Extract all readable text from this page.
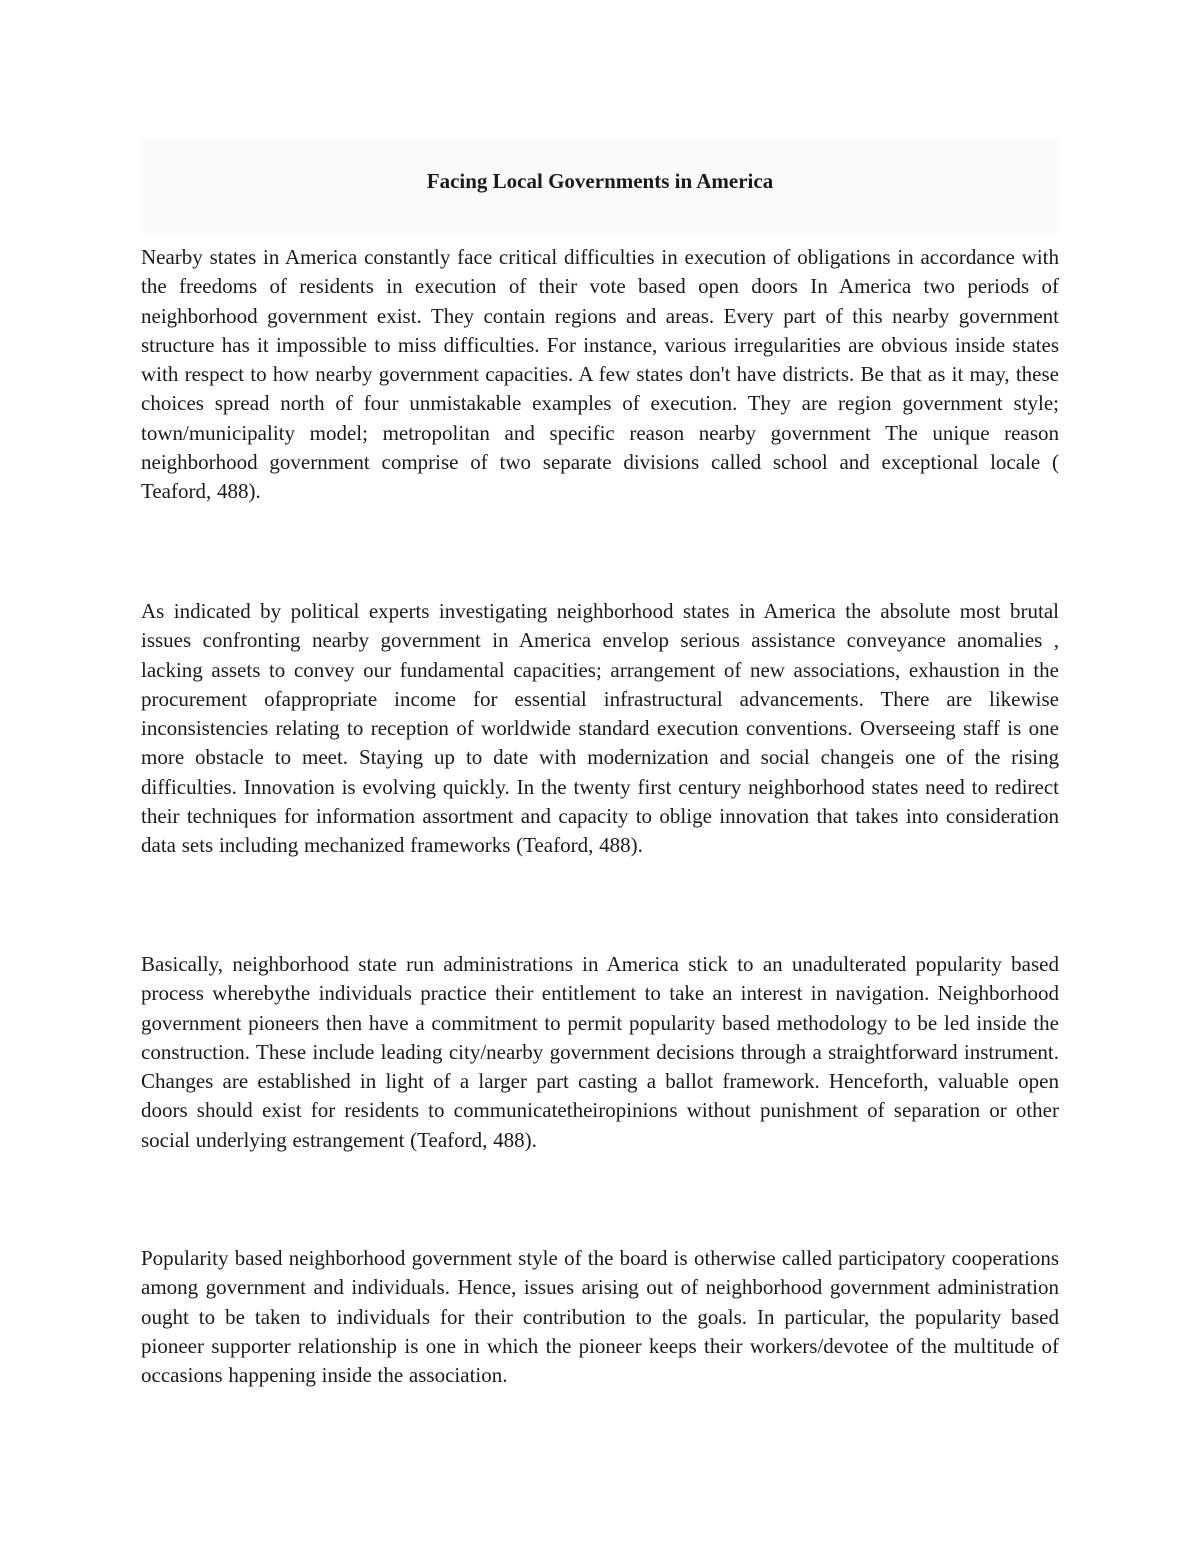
Facing Local Governments in America

Nearby states in America constantly face critical difficulties in execution of obligations in accordance with the freedoms of residents in execution of their vote based open doors In America two periods of neighborhood government exist. They contain regions and areas. Every part of this nearby government structure has it impossible to miss difficulties. For instance, various irregularities are obvious inside states with respect to how nearby government capacities. A few states don't have districts. Be that as it may, these choices spread north of four unmistakable examples of execution. They are region government style; town/municipality model; metropolitan and specific reason nearby government The unique reason neighborhood government comprise of two separate divisions called school and exceptional locale ( Teaford, 488).

As indicated by political experts investigating neighborhood states in America the absolute most brutal issues confronting nearby government in America envelop serious assistance conveyance anomalies , lacking assets to convey our fundamental capacities; arrangement of new associations, exhaustion in the procurement ofappropriate income for essential infrastructural advancements. There are likewise inconsistencies relating to reception of worldwide standard execution conventions. Overseeing staff is one more obstacle to meet. Staying up to date with modernization and social changeis one of the rising difficulties. Innovation is evolving quickly. In the twenty first century neighborhood states need to redirect their techniques for information assortment and capacity to oblige innovation that takes into consideration data sets including mechanized frameworks (Teaford, 488).

Basically, neighborhood state run administrations in America stick to an unadulterated popularity based process wherebythe individuals practice their entitlement to take an interest in navigation. Neighborhood government pioneers then have a commitment to permit popularity based methodology to be led inside the construction. These include leading city/nearby government decisions through a straightforward instrument. Changes are established in light of a larger part casting a ballot framework. Henceforth, valuable open doors should exist for residents to communicatetheiropinions without punishment of separation or other social underlying estrangement (Teaford, 488).

Popularity based neighborhood government style of the board is otherwise called participatory cooperations among government and individuals. Hence, issues arising out of neighborhood government administration ought to be taken to individuals for their contribution to the goals. In particular, the popularity based pioneer supporter relationship is one in which the pioneer keeps their workers/devotee of the multitude of occasions happening inside the association.
